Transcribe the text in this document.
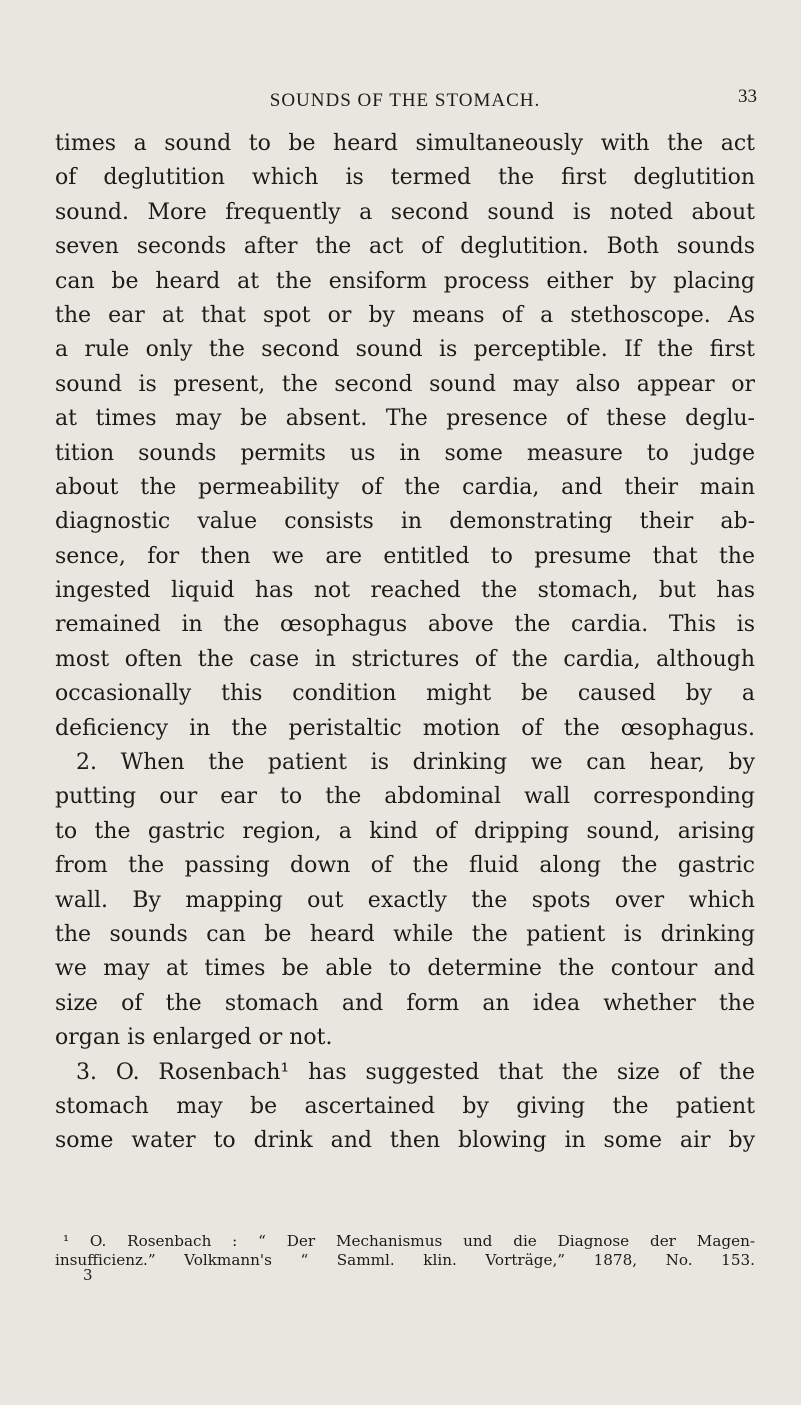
SOUNDS OF THE STOMACH.	33
times a sound to be heard simultaneously with the act
of deglutition which is termed the first deglutition
sound. More frequently a second sound is noted about
seven seconds after the act of deglutition. Both sounds
can be heard at the ensiform process either by placing
the ear at that spot or by means of a stethoscope. As
a rule only the second sound is perceptible. If the first
sound is present, the second sound may also appear or
at times may be absent. The presence of these deglu-
tition sounds permits us in some measure to judge
about the permeability of the cardia, and their main
diagnostic value consists in demonstrating their ab-
sence, for then we are entitled to presume that the
ingested liquid has not reached the stomach, but has
remained in the œsophagus above the cardia. This is
most often the case in strictures of the cardia, although
occasionally this condition might be caused by a
deficiency in the peristaltic motion of the œsophagus.
2. When the patient is drinking we can hear, by
putting our ear to the abdominal wall corresponding
to the gastric region, a kind of dripping sound, arising
from the passing down of the fluid along the gastric
wall. By mapping out exactly the spots over which
the sounds can be heard while the patient is drinking
we may at times be able to determine the contour and
size of the stomach and form an idea whether the
organ is enlarged or not.
3. O. Rosenbach¹ has suggested that the size of the
stomach may be ascertained by giving the patient
some water to drink and then blowing in some air by
¹ O. Rosenbach : “ Der Mechanismus und die Diagnose der Magen-
insufficienz.” Volkmann's “ Samml. klin. Vorträge,” 1878, No. 153.
3
